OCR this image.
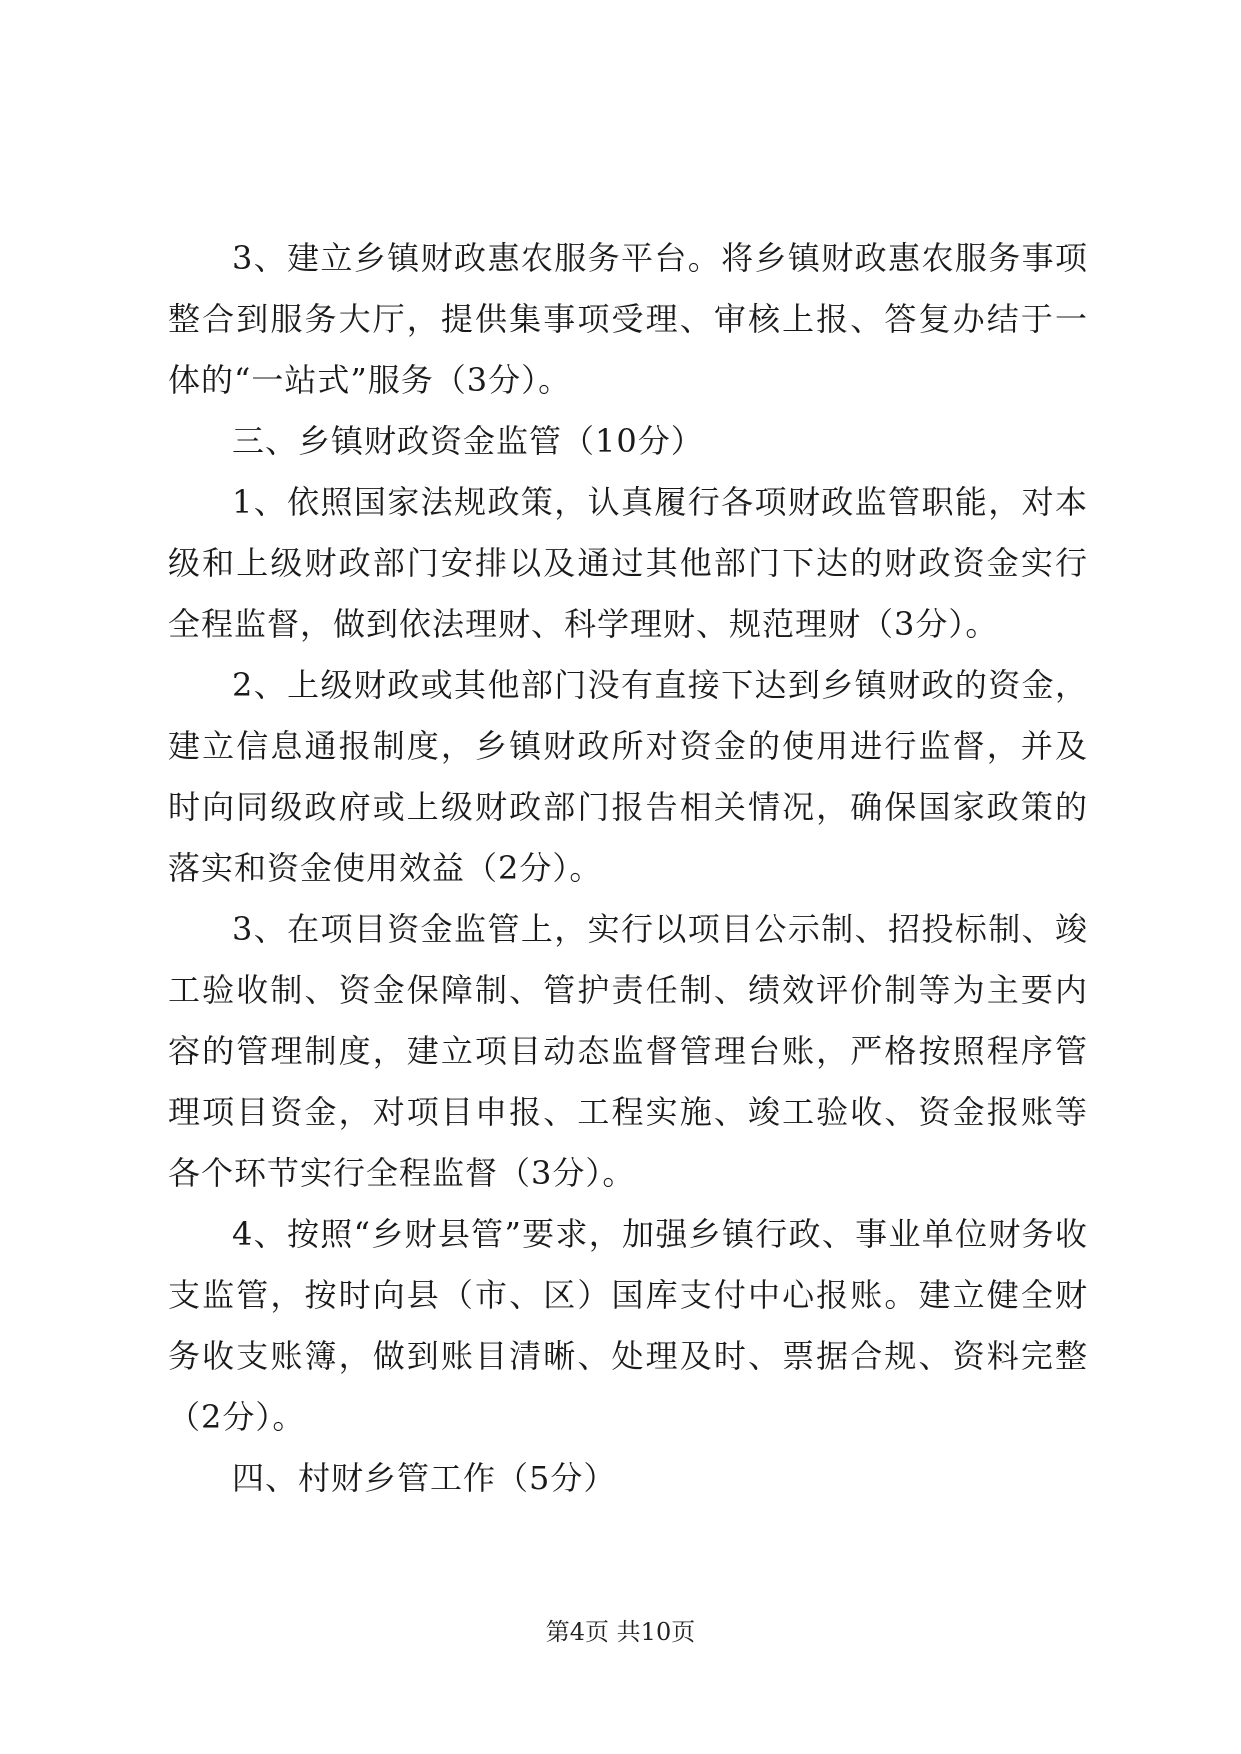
3、建立乡镇财政惠农服务平台。将乡镇财政惠农服务事项整合到服务大厅，提供集事项受理、审核上报、答复办结于一体的“一站式”服务（3分）。

三、乡镇财政资金监管（10分）

1、依照国家法规政策，认真履行各项财政监管职能，对本级和上级财政部门安排以及通过其他部门下达的财政资金实行全程监督，做到依法理财、科学理财、规范理财（3分）。

2、上级财政或其他部门没有直接下达到乡镇财政的资金，建立信息通报制度，乡镇财政所对资金的使用进行监督，并及时向同级政府或上级财政部门报告相关情况，确保国家政策的落实和资金使用效益（2分）。

3、在项目资金监管上，实行以项目公示制、招投标制、竣工验收制、资金保障制、管护责任制、绩效评价制等为主要内容的管理制度，建立项目动态监督管理台账，严格按照程序管理项目资金，对项目申报、工程实施、竣工验收、资金报账等各个环节实行全程监督（3分）。

4、按照“乡财县管”要求，加强乡镇行政、事业单位财务收支监管，按时向县（市、区）国库支付中心报账。建立健全财务收支账簿，做到账目清晰、处理及时、票据合规、资料完整（2分）。

四、村财乡管工作（5分）

第4页 共10页
